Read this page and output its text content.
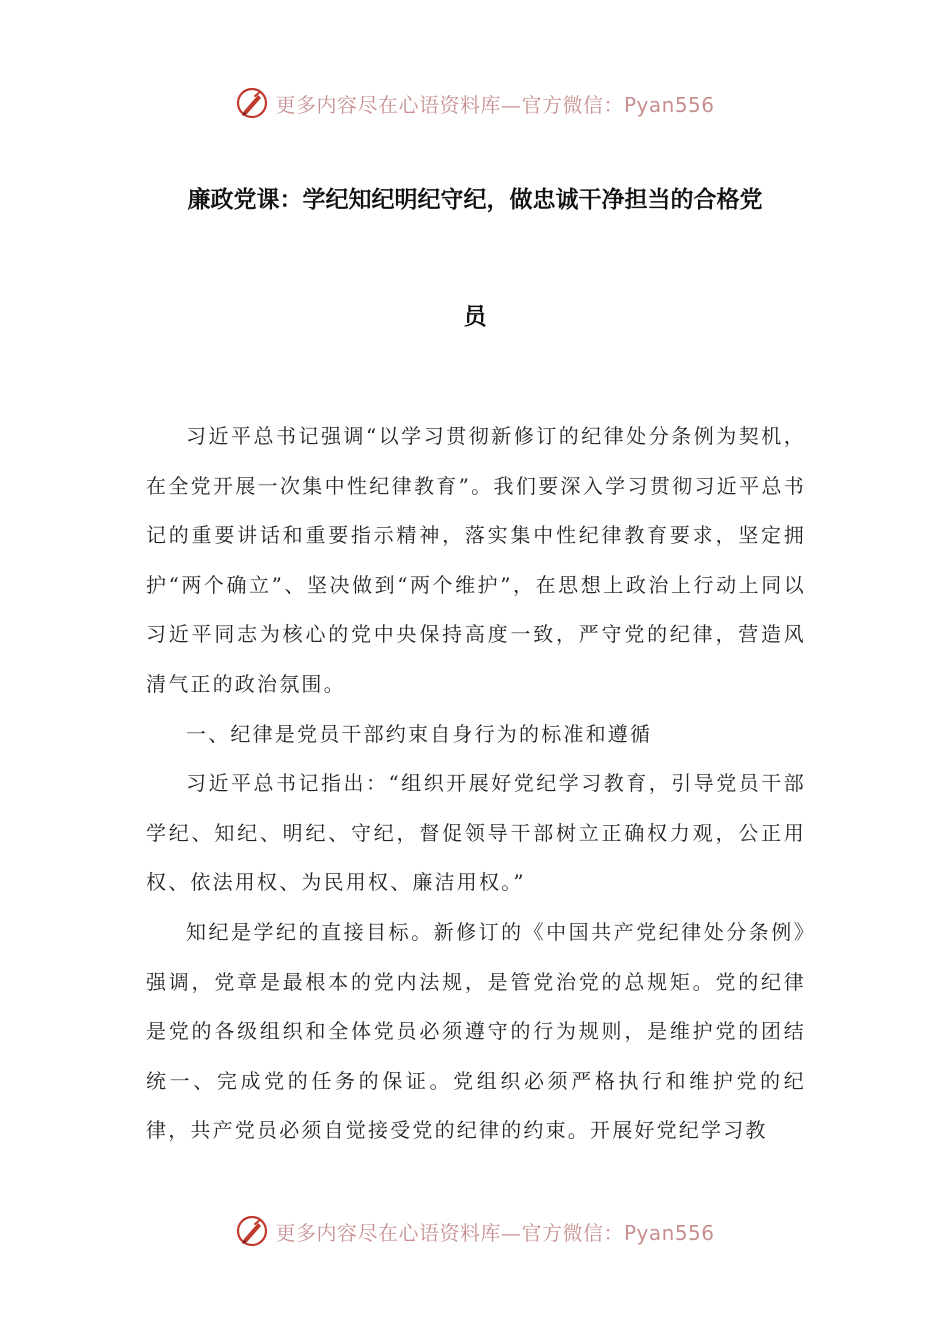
更多内容尽在心语资料库—官方微信：Pyan556
廉政党课：学纪知纪明纪守纪，做忠诚干净担当的合格党
员

习近平总书记强调“以学习贯彻新修订的纪律处分条例为契机，在全党开展一次集中性纪律教育”。我们要深入学习贯彻习近平总书记的重要讲话和重要指示精神，落实集中性纪律教育要求，坚定拥护“两个确立”、坚决做到“两个维护”，在思想上政治上行动上同以习近平同志为核心的党中央保持高度一致，严守党的纪律，营造风清气正的政治氛围。

一、纪律是党员干部约束自身行为的标准和遵循

习近平总书记指出：“组织开展好党纪学习教育，引导党员干部学纪、知纪、明纪、守纪，督促领导干部树立正确权力观，公正用权、依法用权、为民用权、廉洁用权。”

知纪是学纪的直接目标。新修订的《中国共产党纪律处分条例》强调，党章是最根本的党内法规，是管党治党的总规矩。党的纪律是党的各级组织和全体党员必须遵守的行为规则，是维护党的团结统一、完成党的任务的保证。党组织必须严格执行和维护党的纪律，共产党员必须自觉接受党的纪律的约束。开展好党纪学习教

更多内容尽在心语资料库—官方微信：Pyan556
